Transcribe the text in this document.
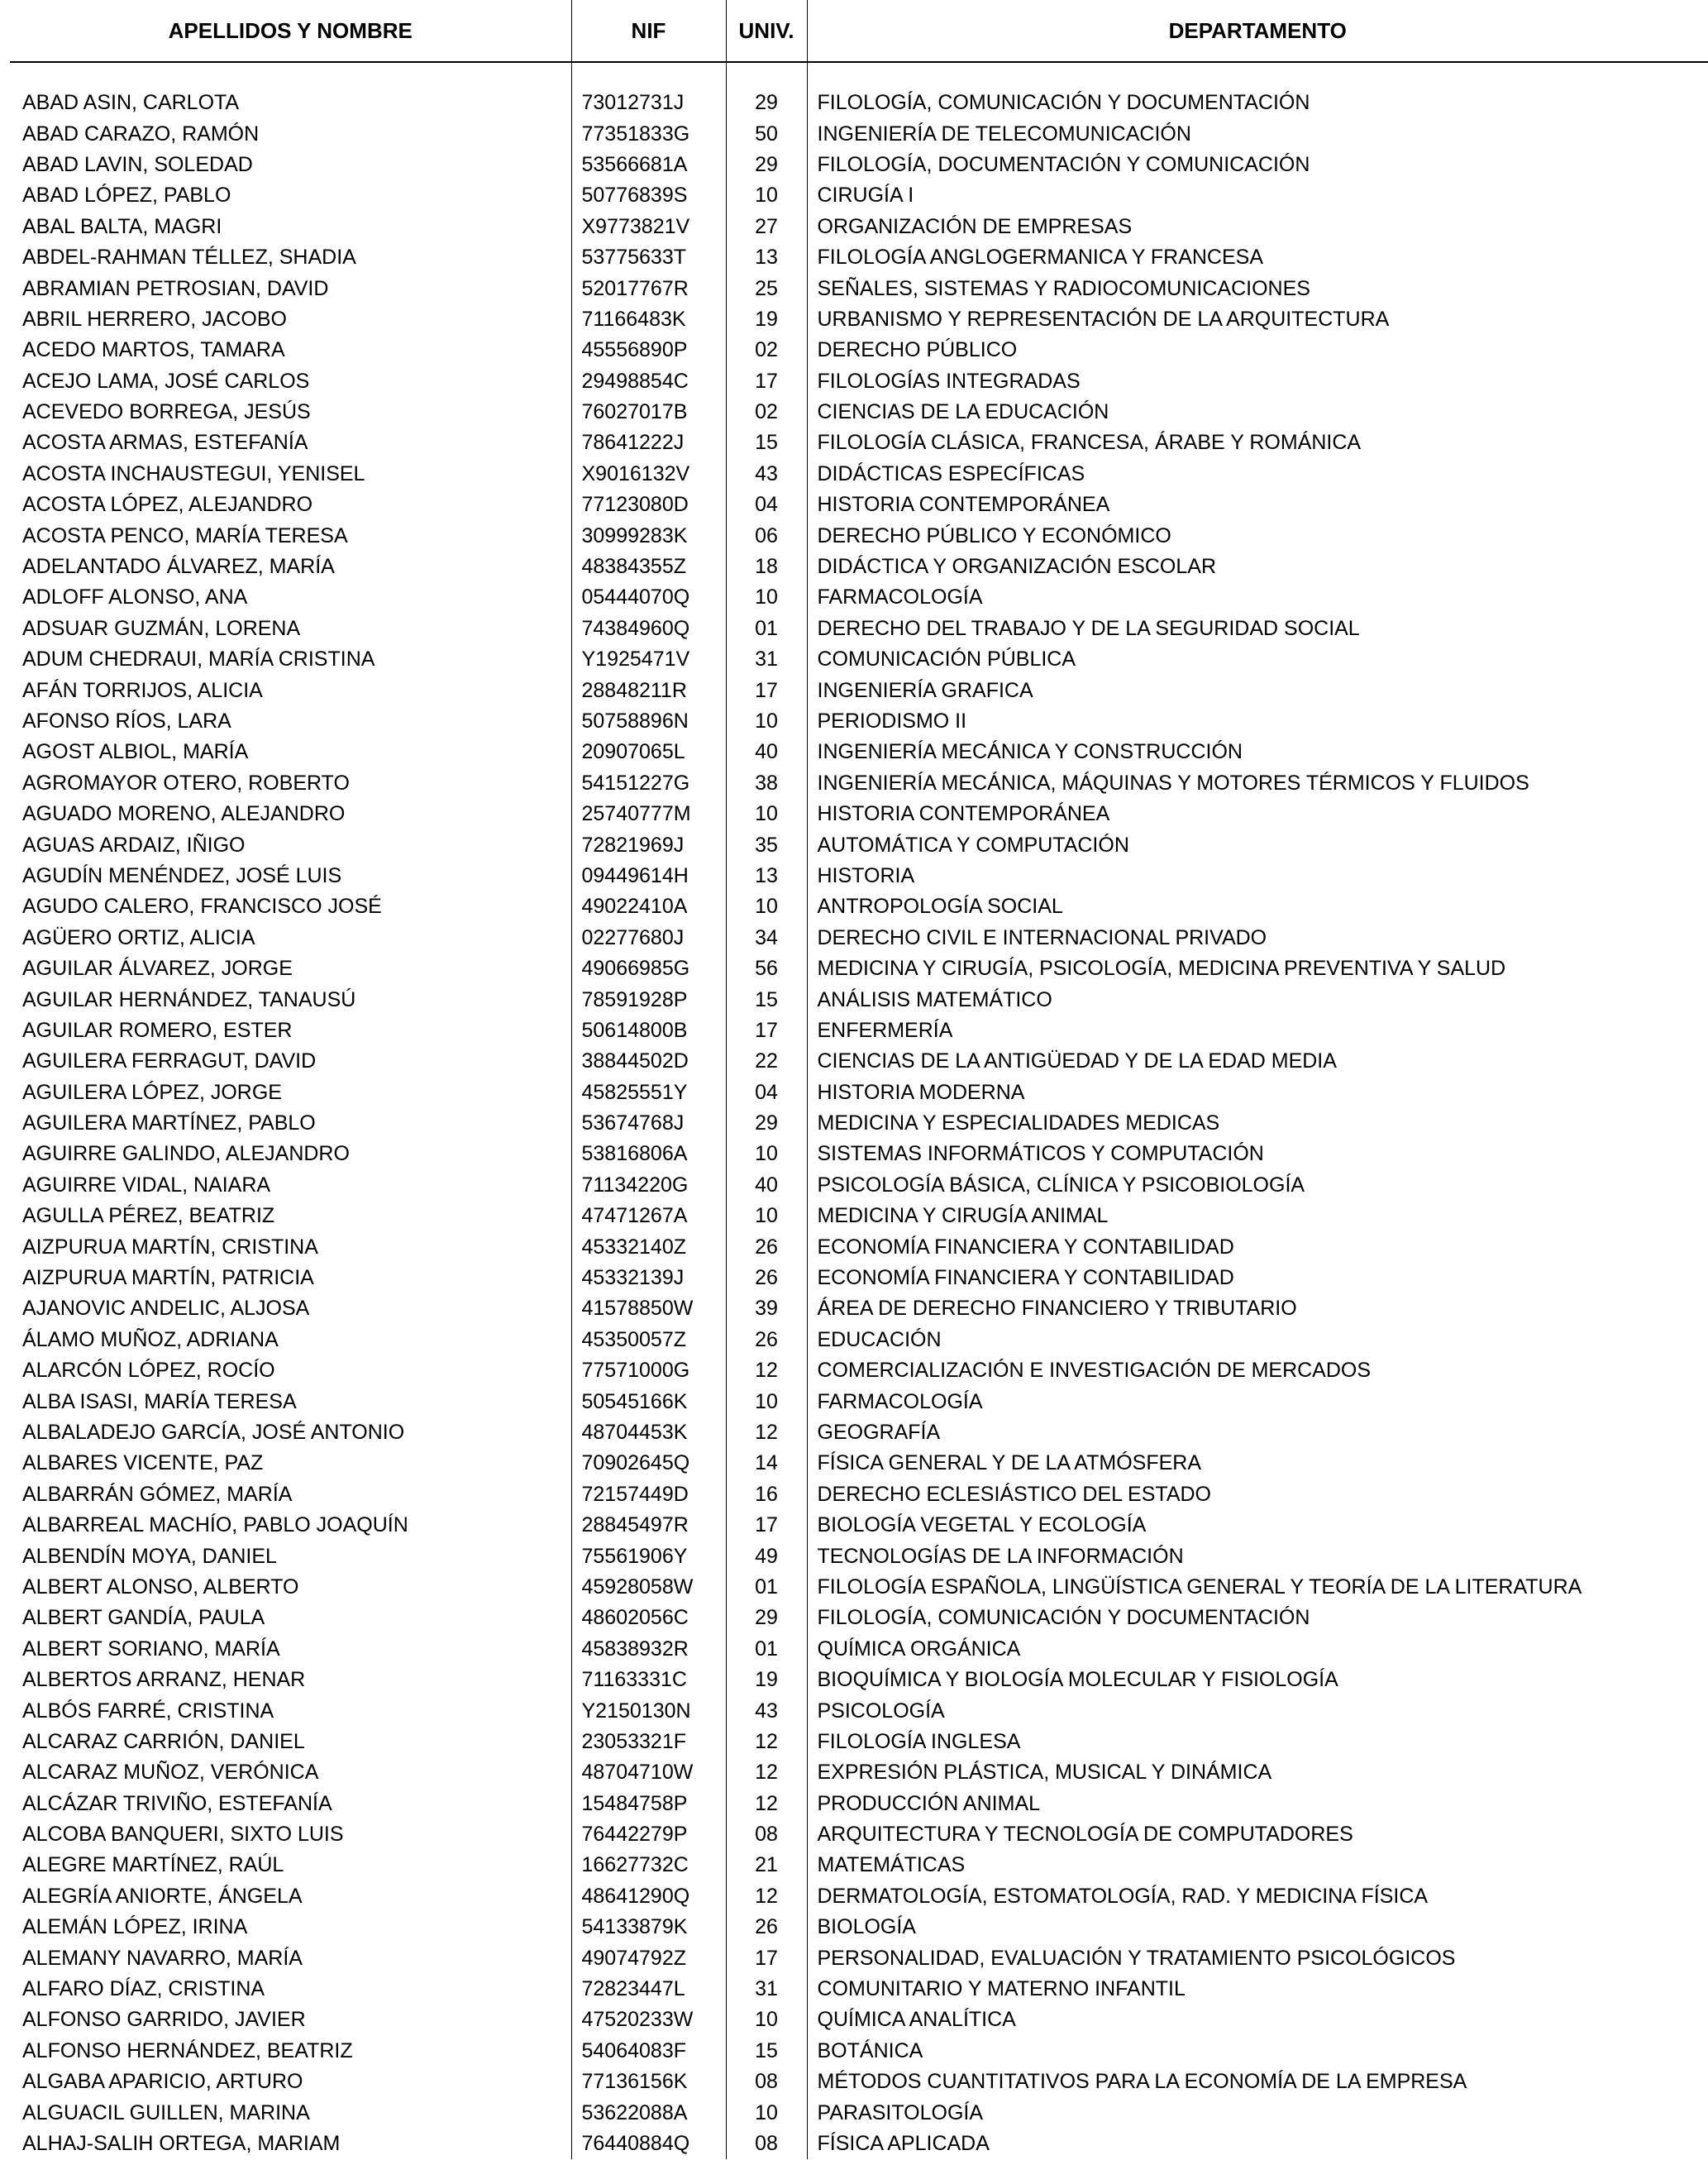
APELLIDOS Y NOMBRE	NIF	UNIV.	DEPARTAMENTO

ABAD ASIN, CARLOTA	73012731J	29	FILOLOGÍA, COMUNICACIÓN Y DOCUMENTACIÓN
ABAD CARAZO, RAMÓN	77351833G	50	INGENIERÍA DE TELECOMUNICACIÓN
ABAD LAVIN, SOLEDAD	53566681A	29	FILOLOGÍA, DOCUMENTACIÓN Y COMUNICACIÓN
ABAD LÓPEZ, PABLO	50776839S	10	CIRUGÍA I
ABAL BALTA, MAGRI	X9773821V	27	ORGANIZACIÓN DE EMPRESAS
ABDEL-RAHMAN TÉLLEZ, SHADIA	53775633T	13	FILOLOGÍA ANGLOGERMANICA Y FRANCESA
ABRAMIAN PETROSIAN, DAVID	52017767R	25	SEÑALES, SISTEMAS Y RADIOCOMUNICACIONES
ABRIL HERRERO, JACOBO	71166483K	19	URBANISMO Y REPRESENTACIÓN DE LA ARQUITECTURA
ACEDO MARTOS, TAMARA	45556890P	02	DERECHO PÚBLICO
ACEJO LAMA, JOSÉ CARLOS	29498854C	17	FILOLOGÍAS INTEGRADAS
ACEVEDO BORREGA, JESÚS	76027017B	02	CIENCIAS DE LA EDUCACIÓN
ACOSTA ARMAS, ESTEFANÍA	78641222J	15	FILOLOGÍA CLÁSICA, FRANCESA, ÁRABE Y ROMÁNICA
ACOSTA INCHAUSTEGUI, YENISEL	X9016132V	43	DIDÁCTICAS ESPECÍFICAS
ACOSTA LÓPEZ, ALEJANDRO	77123080D	04	HISTORIA CONTEMPORÁNEA
ACOSTA PENCO, MARÍA TERESA	30999283K	06	DERECHO PÚBLICO Y ECONÓMICO
ADELANTADO ÁLVAREZ, MARÍA	48384355Z	18	DIDÁCTICA Y ORGANIZACIÓN ESCOLAR
ADLOFF ALONSO, ANA	05444070Q	10	FARMACOLOGÍA
ADSUAR GUZMÁN, LORENA	74384960Q	01	DERECHO DEL TRABAJO Y DE LA SEGURIDAD SOCIAL
ADUM CHEDRAUI, MARÍA CRISTINA	Y1925471V	31	COMUNICACIÓN PÚBLICA
AFÁN TORRIJOS, ALICIA	28848211R	17	INGENIERÍA GRAFICA
AFONSO RÍOS, LARA	50758896N	10	PERIODISMO II
AGOST ALBIOL, MARÍA	20907065L	40	INGENIERÍA MECÁNICA Y CONSTRUCCIÓN
AGROMAYOR OTERO, ROBERTO	54151227G	38	INGENIERÍA MECÁNICA, MÁQUINAS Y MOTORES TÉRMICOS Y FLUIDOS
AGUADO MORENO, ALEJANDRO	25740777M	10	HISTORIA CONTEMPORÁNEA
AGUAS ARDAIZ, IÑIGO	72821969J	35	AUTOMÁTICA Y COMPUTACIÓN
AGUDÍN MENÉNDEZ, JOSÉ LUIS	09449614H	13	HISTORIA
AGUDO CALERO, FRANCISCO JOSÉ	49022410A	10	ANTROPOLOGÍA SOCIAL
AGÜERO ORTIZ, ALICIA	02277680J	34	DERECHO CIVIL E INTERNACIONAL PRIVADO
AGUILAR ÁLVAREZ, JORGE	49066985G	56	MEDICINA Y CIRUGÍA, PSICOLOGÍA, MEDICINA PREVENTIVA Y SALUD
AGUILAR HERNÁNDEZ, TANAUSÚ	78591928P	15	ANÁLISIS MATEMÁTICO
AGUILAR ROMERO, ESTER	50614800B	17	ENFERMERÍA
AGUILERA FERRAGUT, DAVID	38844502D	22	CIENCIAS DE LA ANTIGÜEDAD Y DE LA EDAD MEDIA
AGUILERA LÓPEZ, JORGE	45825551Y	04	HISTORIA MODERNA
AGUILERA MARTÍNEZ, PABLO	53674768J	29	MEDICINA Y ESPECIALIDADES MEDICAS
AGUIRRE GALINDO, ALEJANDRO	53816806A	10	SISTEMAS INFORMÁTICOS Y COMPUTACIÓN
AGUIRRE VIDAL, NAIARA	71134220G	40	PSICOLOGÍA BÁSICA, CLÍNICA Y PSICOBIOLOGÍA
AGULLA PÉREZ, BEATRIZ	47471267A	10	MEDICINA Y CIRUGÍA ANIMAL
AIZPURUA MARTÍN, CRISTINA	45332140Z	26	ECONOMÍA FINANCIERA Y CONTABILIDAD
AIZPURUA MARTÍN, PATRICIA	45332139J	26	ECONOMÍA FINANCIERA Y CONTABILIDAD
AJANOVIC ANDELIC, ALJOSA	41578850W	39	ÁREA DE DERECHO FINANCIERO Y TRIBUTARIO
ÁLAMO MUÑOZ, ADRIANA	45350057Z	26	EDUCACIÓN
ALARCÓN LÓPEZ, ROCÍO	77571000G	12	COMERCIALIZACIÓN E INVESTIGACIÓN DE MERCADOS
ALBA ISASI, MARÍA TERESA	50545166K	10	FARMACOLOGÍA
ALBALADEJO GARCÍA, JOSÉ ANTONIO	48704453K	12	GEOGRAFÍA
ALBARES VICENTE, PAZ	70902645Q	14	FÍSICA GENERAL Y DE LA ATMÓSFERA
ALBARRÁN GÓMEZ, MARÍA	72157449D	16	DERECHO ECLESIÁSTICO DEL ESTADO
ALBARREAL MACHÍO, PABLO JOAQUÍN	28845497R	17	BIOLOGÍA VEGETAL Y ECOLOGÍA
ALBENDÍN MOYA, DANIEL	75561906Y	49	TECNOLOGÍAS DE LA INFORMACIÓN
ALBERT ALONSO, ALBERTO	45928058W	01	FILOLOGÍA ESPAÑOLA, LINGÜÍSTICA GENERAL Y TEORÍA DE LA LITERATURA
ALBERT GANDÍA, PAULA	48602056C	29	FILOLOGÍA, COMUNICACIÓN Y DOCUMENTACIÓN
ALBERT SORIANO, MARÍA	45838932R	01	QUÍMICA ORGÁNICA
ALBERTOS ARRANZ, HENAR	71163331C	19	BIOQUÍMICA Y BIOLOGÍA MOLECULAR Y FISIOLOGÍA
ALBÓS FARRÉ, CRISTINA	Y2150130N	43	PSICOLOGÍA
ALCARAZ CARRIÓN, DANIEL	23053321F	12	FILOLOGÍA INGLESA
ALCARAZ MUÑOZ, VERÓNICA	48704710W	12	EXPRESIÓN PLÁSTICA, MUSICAL Y DINÁMICA
ALCÁZAR TRIVIÑO, ESTEFANÍA	15484758P	12	PRODUCCIÓN ANIMAL
ALCOBA BANQUERI, SIXTO LUIS	76442279P	08	ARQUITECTURA Y TECNOLOGÍA DE COMPUTADORES
ALEGRE MARTÍNEZ, RAÚL	16627732C	21	MATEMÁTICAS
ALEGRÍA ANIORTE, ÁNGELA	48641290Q	12	DERMATOLOGÍA, ESTOMATOLOGÍA, RAD. Y MEDICINA FÍSICA
ALEMÁN LÓPEZ, IRINA	54133879K	26	BIOLOGÍA
ALEMANY NAVARRO, MARÍA	49074792Z	17	PERSONALIDAD, EVALUACIÓN Y TRATAMIENTO PSICOLÓGICOS
ALFARO DÍAZ, CRISTINA	72823447L	31	COMUNITARIO Y MATERNO INFANTIL
ALFONSO GARRIDO, JAVIER	47520233W	10	QUÍMICA ANALÍTICA
ALFONSO HERNÁNDEZ, BEATRIZ	54064083F	15	BOTÁNICA
ALGABA APARICIO, ARTURO	77136156K	08	MÉTODOS CUANTITATIVOS PARA LA ECONOMÍA DE LA EMPRESA
ALGUACIL GUILLEN, MARINA	53622088A	10	PARASITOLOGÍA
ALHAJ-SALIH ORTEGA, MARIAM	76440884Q	08	FÍSICA APLICADA
